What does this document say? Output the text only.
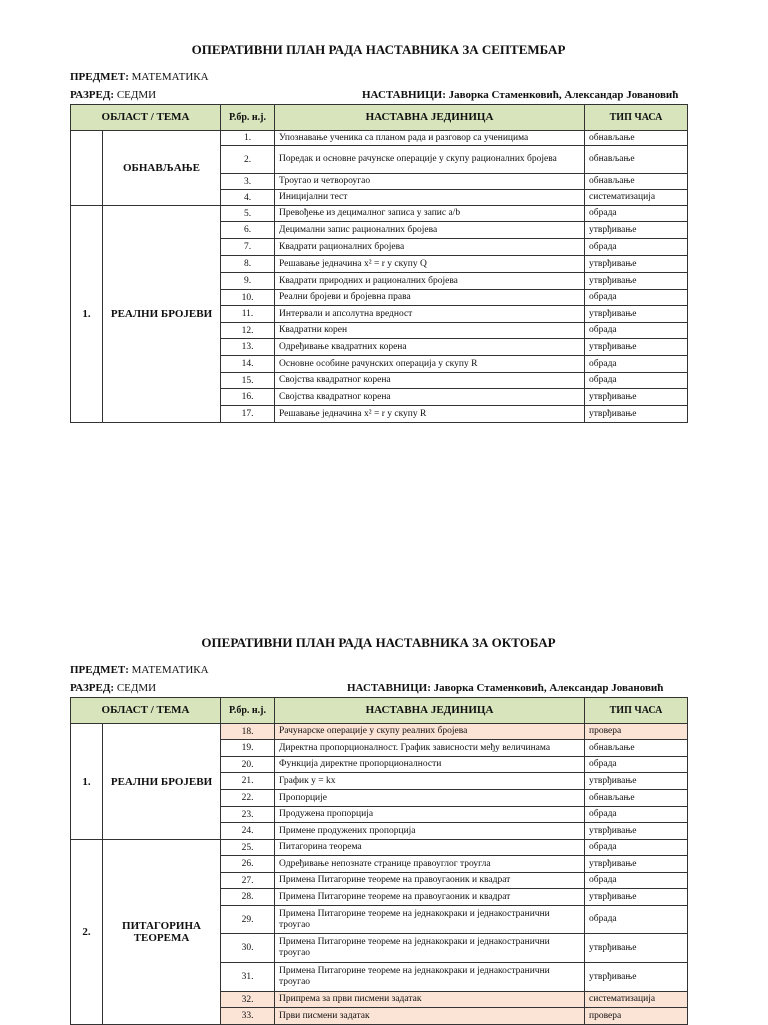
ОПЕРАТИВНИ ПЛАН РАДА НАСТАВНИКА ЗА СЕПТЕМБАР
ПРЕДМЕТ: МАТЕМАТИКА
РАЗРЕД: СЕДМИ	НАСТАВНИЦИ: Јаворка Стаменковић, Александар Јовановић
ОБЛАСТ / ТЕМА		Р.бр. н.ј.	НАСТАВНА ЈЕДИНИЦА	ТИП ЧАСА
	ОБНАВЉАЊЕ	1.	Упознавање ученика са планом рада и разговор са ученицима	обнављање
		2.	Поредак и основне рачунске операције у скупу рационалних бројева	обнављање
		3.	Троугао и четвороугао	обнављање
		4.	Иницијални тест	систематизација
1.	РЕАЛНИ БРОЈЕВИ	5.	Превођење из децималног записа у запис a/b	обрада
		6.	Децимални запис рационалних бројева	утврђивање
		7.	Квадрати рационалних бројева	обрада
		8.	Решавање једначина x² = r у скупу Q	утврђивање
		9.	Квадрати природних и рационалних бројева	утврђивање
		10.	Реални бројеви и бројевна права	обрада
		11.	Интервали и апсолутна вредност	утврђивање
		12.	Квадратни корен	обрада
		13.	Одређивање квадратних корена	утврђивање
		14.	Основне особине рачунских операција у скупу R	обрада
		15.	Својства квадратног корена	обрада
		16.	Својства квадратног корена	утврђивање
		17.	Решавање једначина x² = r у скупу R	утврђивање
ОПЕРАТИВНИ ПЛАН РАДА НАСТАВНИКА ЗА ОКТОБАР
ПРЕДМЕТ: МАТЕМАТИКА
РАЗРЕД: СЕДМИ	НАСТАВНИЦИ: Јаворка Стаменковић, Александар Јовановић
ОБЛАСТ / ТЕМА		Р.бр. н.ј.	НАСТАВНА ЈЕДИНИЦА	ТИП ЧАСА
1.	РЕАЛНИ БРОЈЕВИ	18.	Рачунарске операције у скупу реалних бројева	провера
		19.	Директна пропорционалност. График зависности међу величинама	обнављање
		20.	Функција директне пропорционалности	обрада
		21.	График y = kx	утврђивање
		22.	Пропорције	обнављање
		23.	Продужена пропорција	обрада
		24.	Примене продужених пропорција	утврђивање
2.	ПИТАГОРИНА ТЕОРЕМА	25.	Питагорина теорема	обрада
		26.	Одређивање непознате странице правоуглог троугла	утврђивање
		27.	Примена Питагорине теореме на правоугаоник и квадрат	обрада
		28.	Примена Питагорине теореме на правоугаоник и квадрат	утврђивање
		29.	Примена Питагорине теореме на једнакокраки и једнакостранични троугао	обрада
		30.	Примена Питагорине теореме на једнакокраки и једнакостранични троугао	утврђивање
		31.	Примена Питагорине теореме на једнакокраки и једнакостранични троугао	утврђивање
		32.	Припрема за први писмени задатак	систематизација
		33.	Први писмени задатак	провера
